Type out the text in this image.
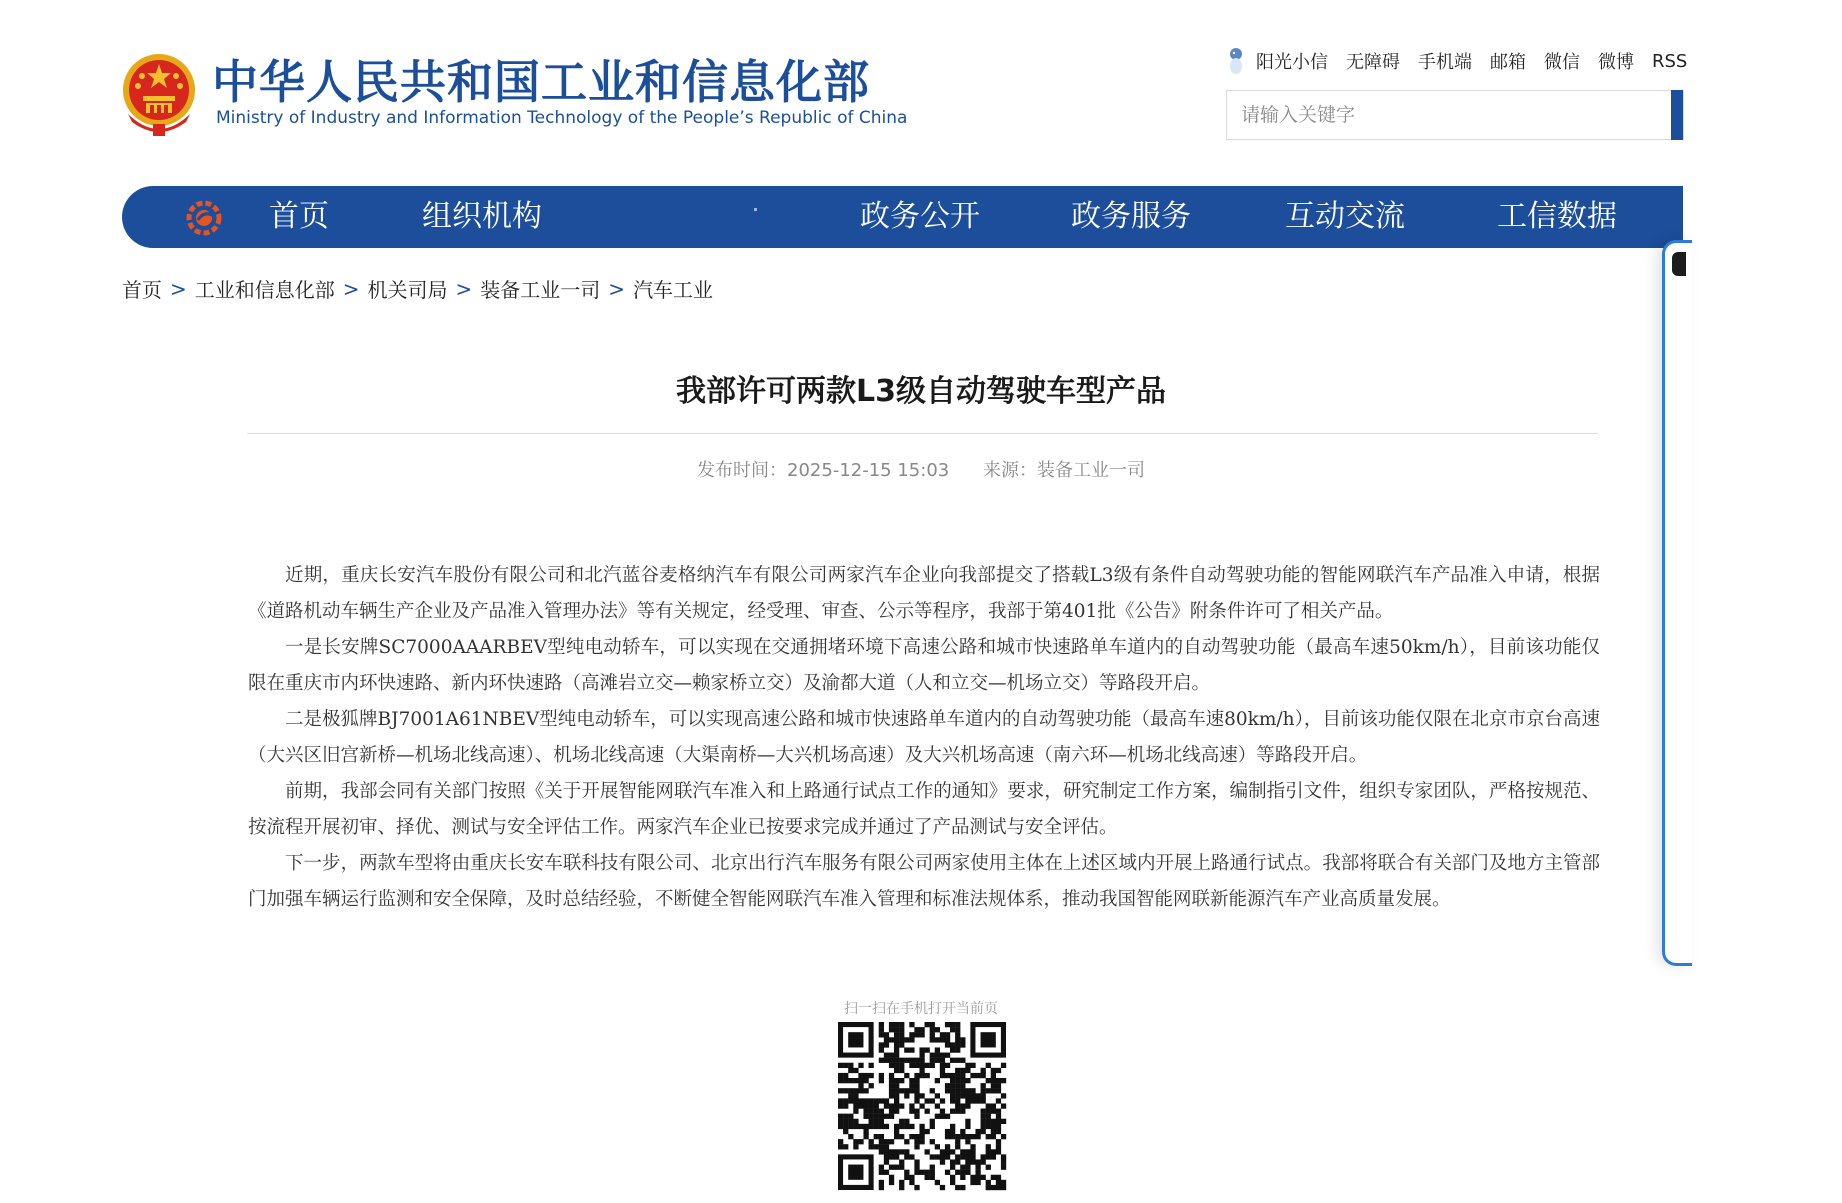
中华人民共和国工业和信息化部
Ministry of Industry and Information Technology of the People’s Republic of China
阳光小信 无障碍 手机端 邮箱 微信 微博 RSS
请输入关键字
首页	组织机构	政务公开	政务服务	互动交流	工信数据
首页 > 工业和信息化部 > 机关司局 > 装备工业一司 > 汽车工业
我部许可两款L3级自动驾驶车型产品
发布时间：2025-12-15 15:03 来源：装备工业一司

近期，重庆长安汽车股份有限公司和北汽蓝谷麦格纳汽车有限公司两家汽车企业向我部提交了搭载L3级有条件自动驾驶功能的智能网联汽车产品准入申请，根据《道路机动车辆生产企业及产品准入管理办法》等有关规定，经受理、审查、公示等程序，我部于第401批《公告》附条件许可了相关产品。

一是长安牌SC7000AAARBEV型纯电动轿车，可以实现在交通拥堵环境下高速公路和城市快速路单车道内的自动驾驶功能（最高车速50km/h），目前该功能仅限在重庆市内环快速路、新内环快速路（高滩岩立交—赖家桥立交）及渝都大道（人和立交—机场立交）等路段开启。

二是极狐牌BJ7001A61NBEV型纯电动轿车，可以实现高速公路和城市快速路单车道内的自动驾驶功能（最高车速80km/h），目前该功能仅限在北京市京台高速（大兴区旧宫新桥—机场北线高速）、机场北线高速（大渠南桥—大兴机场高速）及大兴机场高速（南六环—机场北线高速）等路段开启。

前期，我部会同有关部门按照《关于开展智能网联汽车准入和上路通行试点工作的通知》要求，研究制定工作方案，编制指引文件，组织专家团队，严格按规范、按流程开展初审、择优、测试与安全评估工作。两家汽车企业已按要求完成并通过了产品测试与安全评估。

下一步，两款车型将由重庆长安车联科技有限公司、北京出行汽车服务有限公司两家使用主体在上述区域内开展上路通行试点。我部将联合有关部门及地方主管部门加强车辆运行监测和安全保障，及时总结经验，不断健全智能网联汽车准入管理和标准法规体系，推动我国智能网联新能源汽车产业高质量发展。

扫一扫在手机打开当前页
